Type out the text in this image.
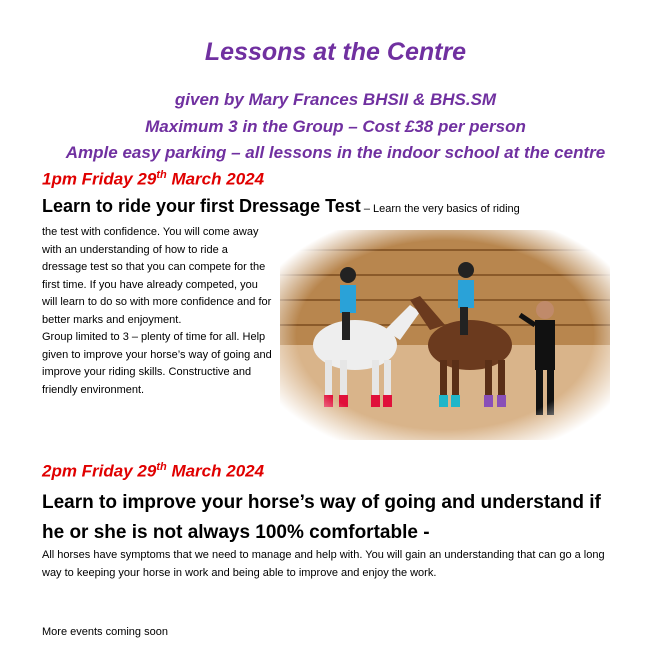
Lessons at the Centre
given by Mary Frances BHSII & BHS.SM
Maximum 3 in the Group – Cost £38 per person
Ample easy parking – all lessons in the indoor school at the centre
1pm Friday 29th March 2024
Learn to ride your first Dressage Test – Learn the very basics of riding
the test with confidence. You will come away with an understanding of how to ride a dressage test so that you can compete for the first time. If you have already competed, you will learn to do so with more confidence and for better marks and enjoyment.
Group limited to 3 – plenty of time for all. Help given to improve your horse’s way of going and improve your riding skills. Constructive and friendly environment.
2pm Friday 29th March 2024
Learn to improve your horse’s way of going and understand if he or she is not always 100% comfortable -
All horses have symptoms that we need to manage and help with. You will gain an understanding that can go a long way to keeping your horse in work and being able to improve and enjoy the work.
More events coming soon
